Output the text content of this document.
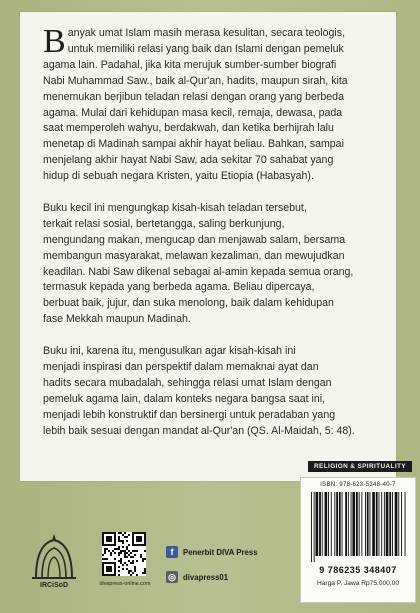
B anyak umat Islam masih merasa kesulitan, secara teologis,
untuk memiliki relasi yang baik dan Islami dengan pemeluk
agama lain. Padahal, jika kita merujuk sumber-sumber biografi
Nabi Muhammad Saw., baik al-Qur'an, hadits, maupun sirah, kita
menemukan berjibun teladan relasi dengan orang yang berbeda
agama. Mulai dari kehidupan masa kecil, remaja, dewasa, pada
saat memperoleh wahyu, berdakwah, dan ketika berhijrah lalu
menetap di Madinah sampai akhir hayat beliau. Bahkan, sampai
menjelang akhir hayat Nabi Saw, ada sekitar 70 sahabat yang
hidup di sebuah negara Kristen, yaitu Etiopia (Habasyah).
Buku kecil ini mengungkap kisah-kisah teladan tersebut,
terkait relasi sosial, bertetangga, saling berkunjung,
mengundang makan, mengucap dan menjawab salam, bersama
membangun masyarakat, melawan kezaliman, dan mewujudkan
keadilan. Nabi Saw dikenal sebagai al-amin kepada semua orang,
termasuk kepada yang berbeda agama. Beliau dipercaya,
berbuat baik, jujur, dan suka menolong, baik dalam kehidupan
fase Mekkah maupun Madinah.
Buku ini, karena itu, mengusulkan agar kisah-kisah ini
menjadi inspirasi dan perspektif dalam memaknai ayat dan
hadits secara mubadalah, sehingga relasi umat Islam dengan
pemeluk agama lain, dalam konteks negara bangsa saat ini,
menjadi lebih konstruktif dan bersinergi untuk peradaban yang
lebih baik sesuai dengan mandat al-Qur'an (QS. Al-Maidah, 5: 48).
RELIGION & SPIRITUALITY
ISBN: 978-623-5348-40-7
9 786235 348407
Harga P. Jawa Rp75.000,00
IRCiSoD	divapress-online.com
f	Penerbit DIVA Press
◎ divapress01
